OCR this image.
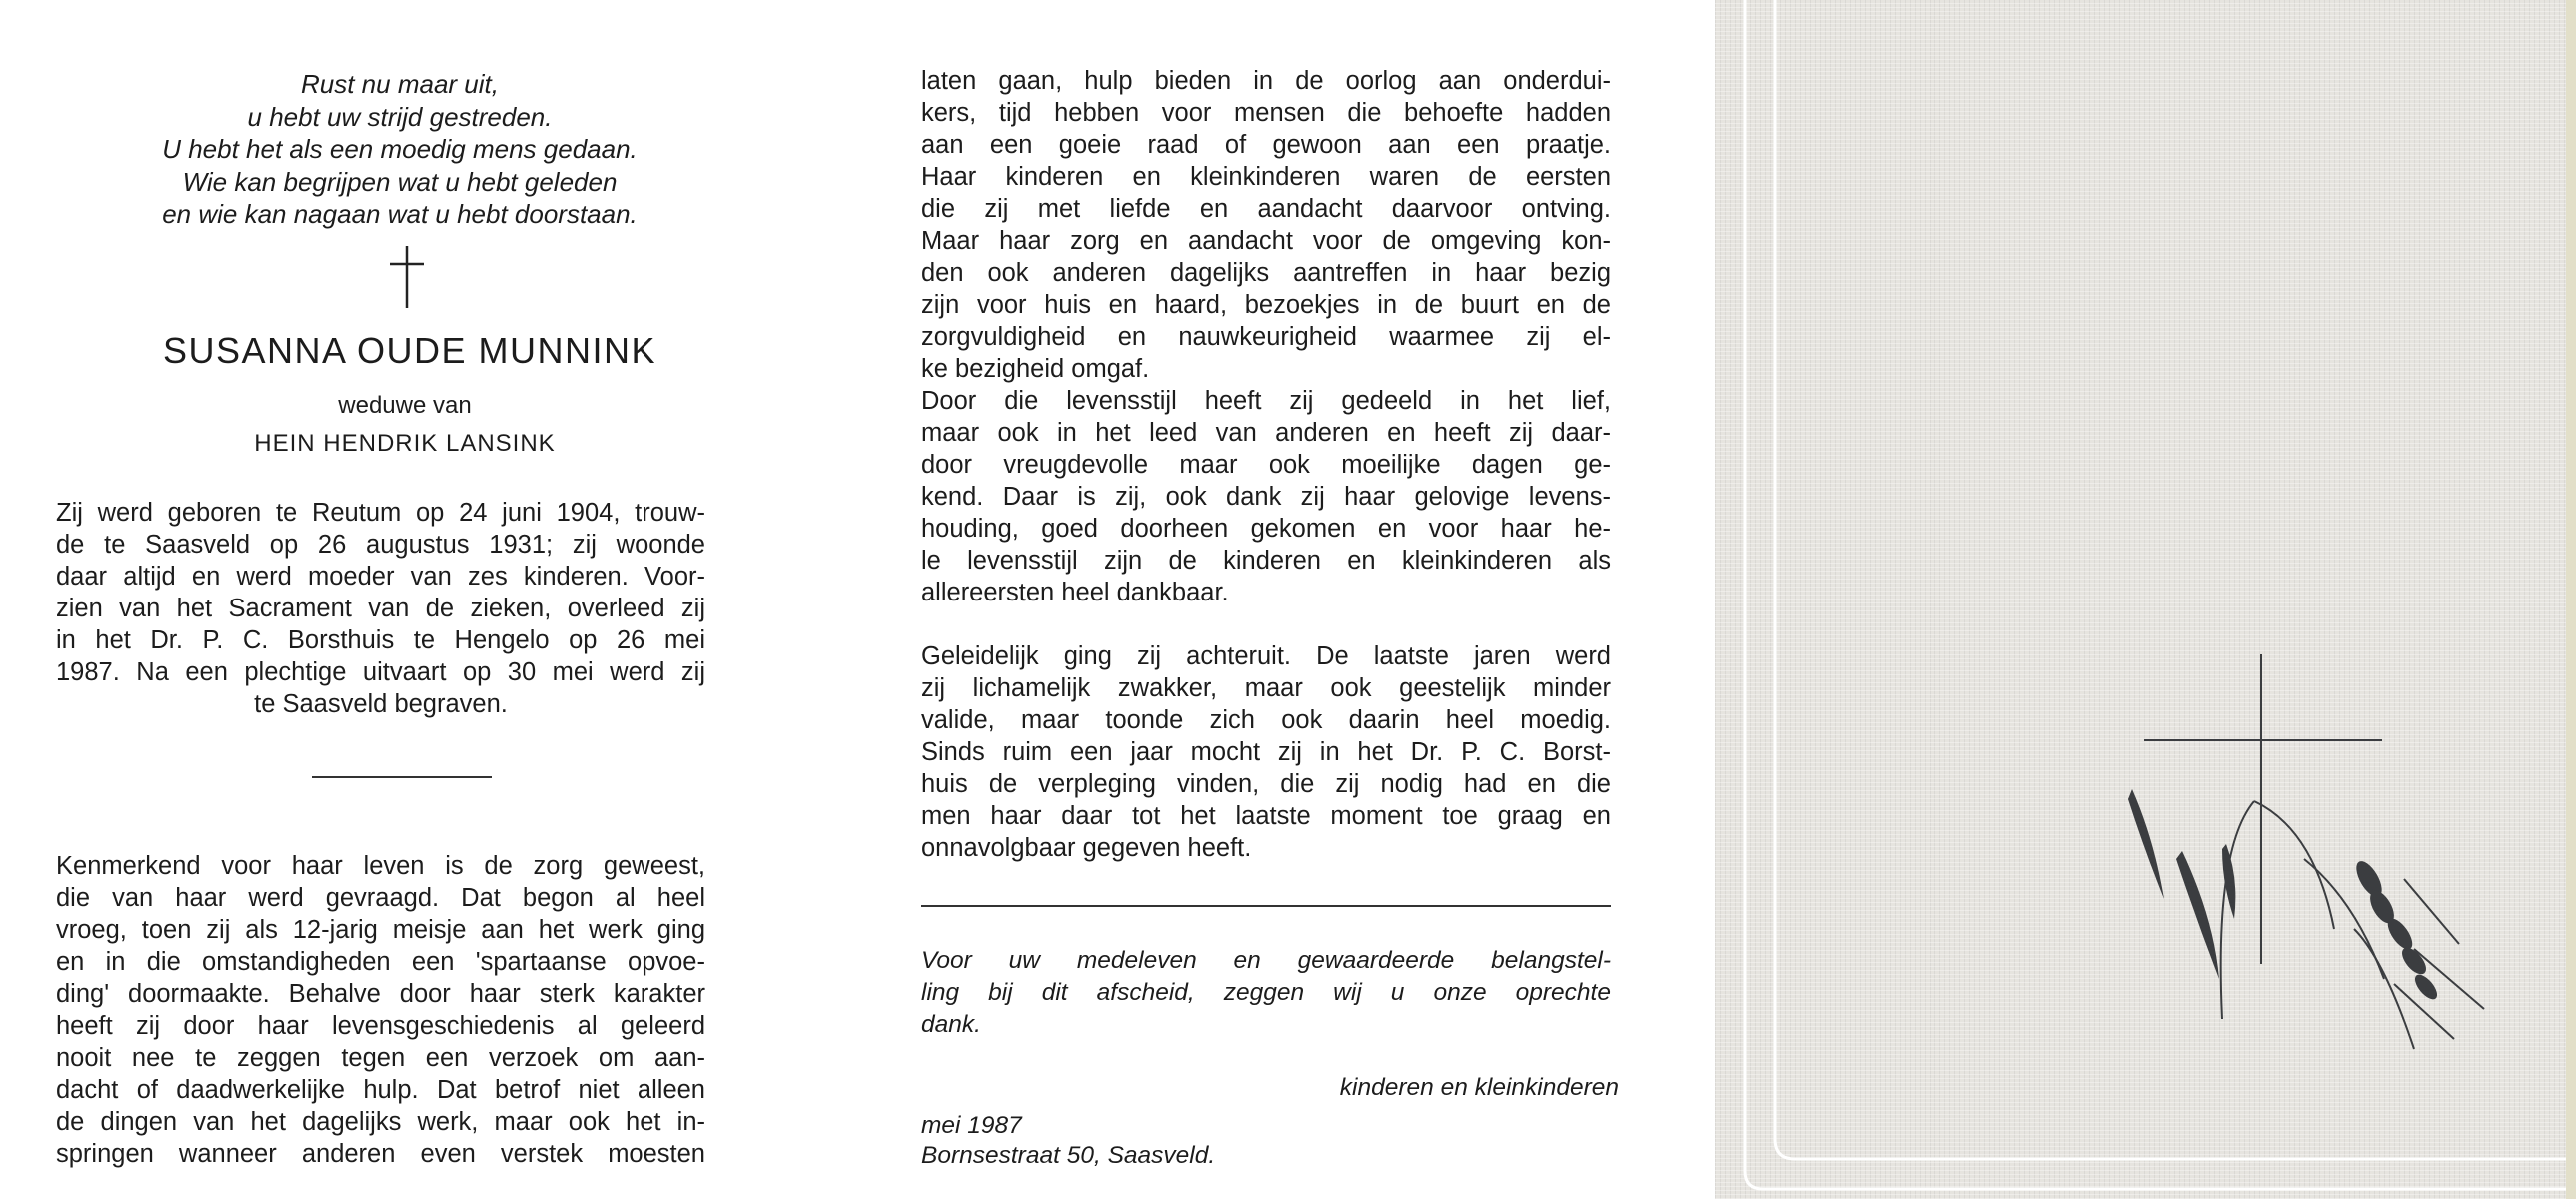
Rust nu maar uit,
u hebt uw strijd gestreden.
U hebt het als een moedig mens gedaan.
Wie kan begrijpen wat u hebt geleden
en wie kan nagaan wat u hebt doorstaan.
SUSANNA OUDE MUNNINK
weduwe van
HEIN HENDRIK LANSINK
Zij werd geboren te Reutum op 24 juni 1904, trouw-
de te Saasveld op 26 augustus 1931; zij woonde
daar altijd en werd moeder van zes kinderen. Voor-
zien van het Sacrament van de zieken, overleed zij
in het Dr. P. C. Borsthuis te Hengelo op 26 mei
1987. Na een plechtige uitvaart op 30 mei werd zij
te Saasveld begraven.
Kenmerkend voor haar leven is de zorg geweest,
die van haar werd gevraagd. Dat begon al heel
vroeg, toen zij als 12-jarig meisje aan het werk ging
en in die omstandigheden een 'spartaanse opvoe-
ding' doormaakte. Behalve door haar sterk karakter
heeft zij door haar levensgeschiedenis al geleerd
nooit nee te zeggen tegen een verzoek om aan-
dacht of daadwerkelijke hulp. Dat betrof niet alleen
de dingen van het dagelijks werk, maar ook het in-
springen wanneer anderen even verstek moesten
laten gaan, hulp bieden in de oorlog aan onderdui-
kers, tijd hebben voor mensen die behoefte hadden
aan een goeie raad of gewoon aan een praatje.
Haar kinderen en kleinkinderen waren de eersten
die zij met liefde en aandacht daarvoor ontving.
Maar haar zorg en aandacht voor de omgeving kon-
den ook anderen dagelijks aantreffen in haar bezig
zijn voor huis en haard, bezoekjes in de buurt en de
zorgvuldigheid en nauwkeurigheid waarmee zij el-
ke bezigheid omgaf.
Door die levensstijl heeft zij gedeeld in het lief,
maar ook in het leed van anderen en heeft zij daar-
door vreugdevolle maar ook moeilijke dagen ge-
kend. Daar is zij, ook dank zij haar gelovige levens-
houding, goed doorheen gekomen en voor haar he-
le levensstijl zijn de kinderen en kleinkinderen als
allereersten heel dankbaar.
Geleidelijk ging zij achteruit. De laatste jaren werd
zij lichamelijk zwakker, maar ook geestelijk minder
valide, maar toonde zich ook daarin heel moedig.
Sinds ruim een jaar mocht zij in het Dr. P. C. Borst-
huis de verpleging vinden, die zij nodig had en die
men haar daar tot het laatste moment toe graag en
onnavolgbaar gegeven heeft.
Voor uw medeleven en gewaardeerde belangstel-
ling bij dit afscheid, zeggen wij u onze oprechte
dank.
kinderen en kleinkinderen
mei 1987
Bornsestraat 50, Saasveld.
